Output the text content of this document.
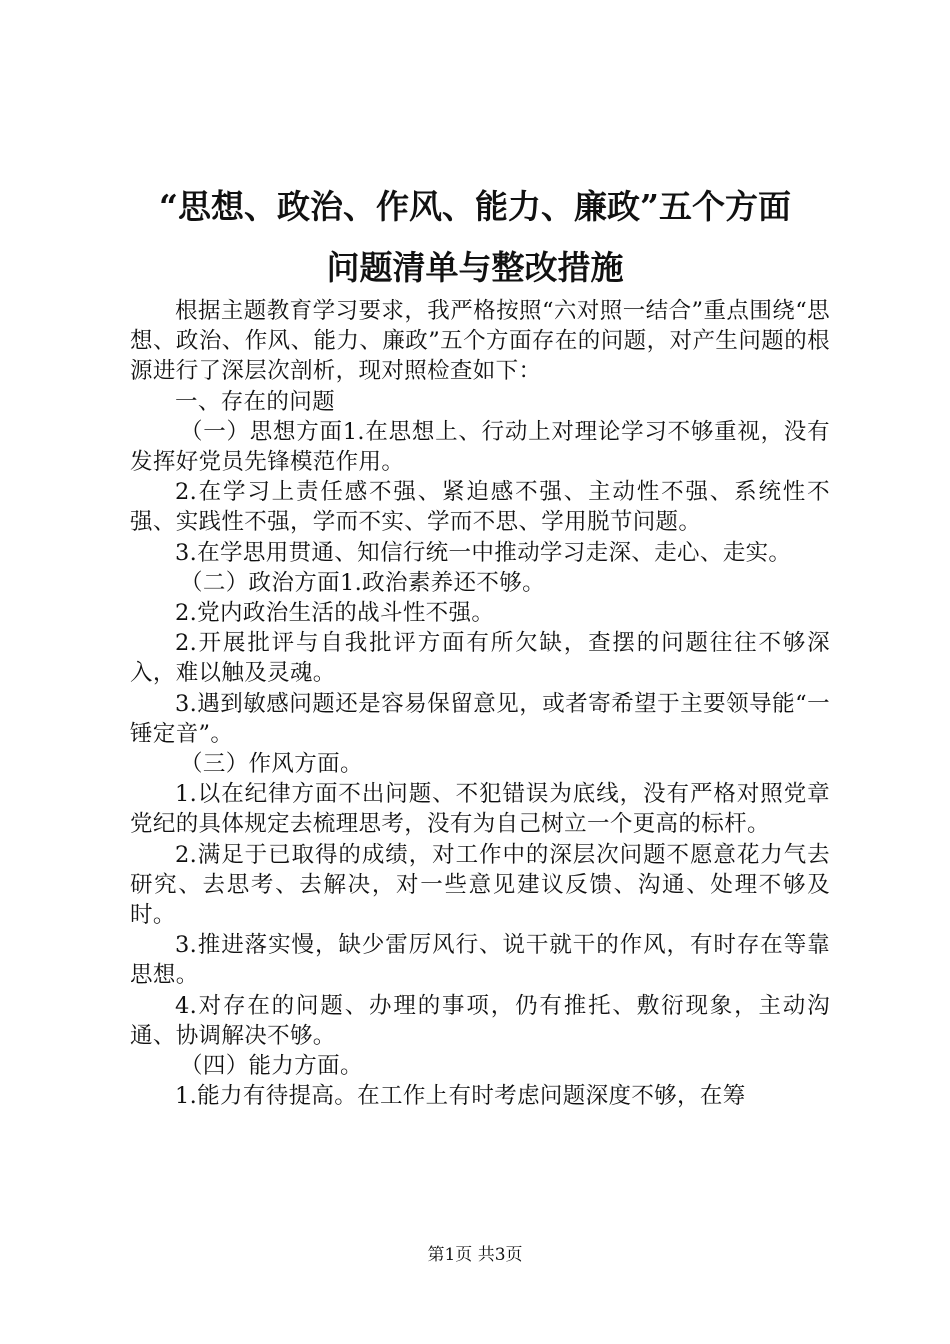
“思想、政治、作风、能力、廉政”五个方面
问题清单与整改措施

根据主题教育学习要求，我严格按照“六对照一结合”重点围绕“思想、政治、作风、能力、廉政”五个方面存在的问题，对产生问题的根源进行了深层次剖析，现对照检查如下：

一、存在的问题

（一）思想方面1.在思想上、行动上对理论学习不够重视，没有发挥好党员先锋模范作用。

2.在学习上责任感不强、紧迫感不强、主动性不强、系统性不强、实践性不强，学而不实、学而不思、学用脱节问题。

3.在学思用贯通、知信行统一中推动学习走深、走心、走实。

（二）政治方面1.政治素养还不够。

2.党内政治生活的战斗性不强。

2.开展批评与自我批评方面有所欠缺，查摆的问题往往不够深入，难以触及灵魂。

3.遇到敏感问题还是容易保留意见，或者寄希望于主要领导能“一锤定音”。

（三）作风方面。

1.以在纪律方面不出问题、不犯错误为底线，没有严格对照党章党纪的具体规定去梳理思考，没有为自己树立一个更高的标杆。

2.满足于已取得的成绩，对工作中的深层次问题不愿意花力气去研究、去思考、去解决，对一些意见建议反馈、沟通、处理不够及时。

3.推进落实慢，缺少雷厉风行、说干就干的作风，有时存在等靠思想。

4.对存在的问题、办理的事项，仍有推托、敷衍现象，主动沟通、协调解决不够。

（四）能力方面。

1.能力有待提高。在工作上有时考虑问题深度不够，在筹

第1页 共3页
